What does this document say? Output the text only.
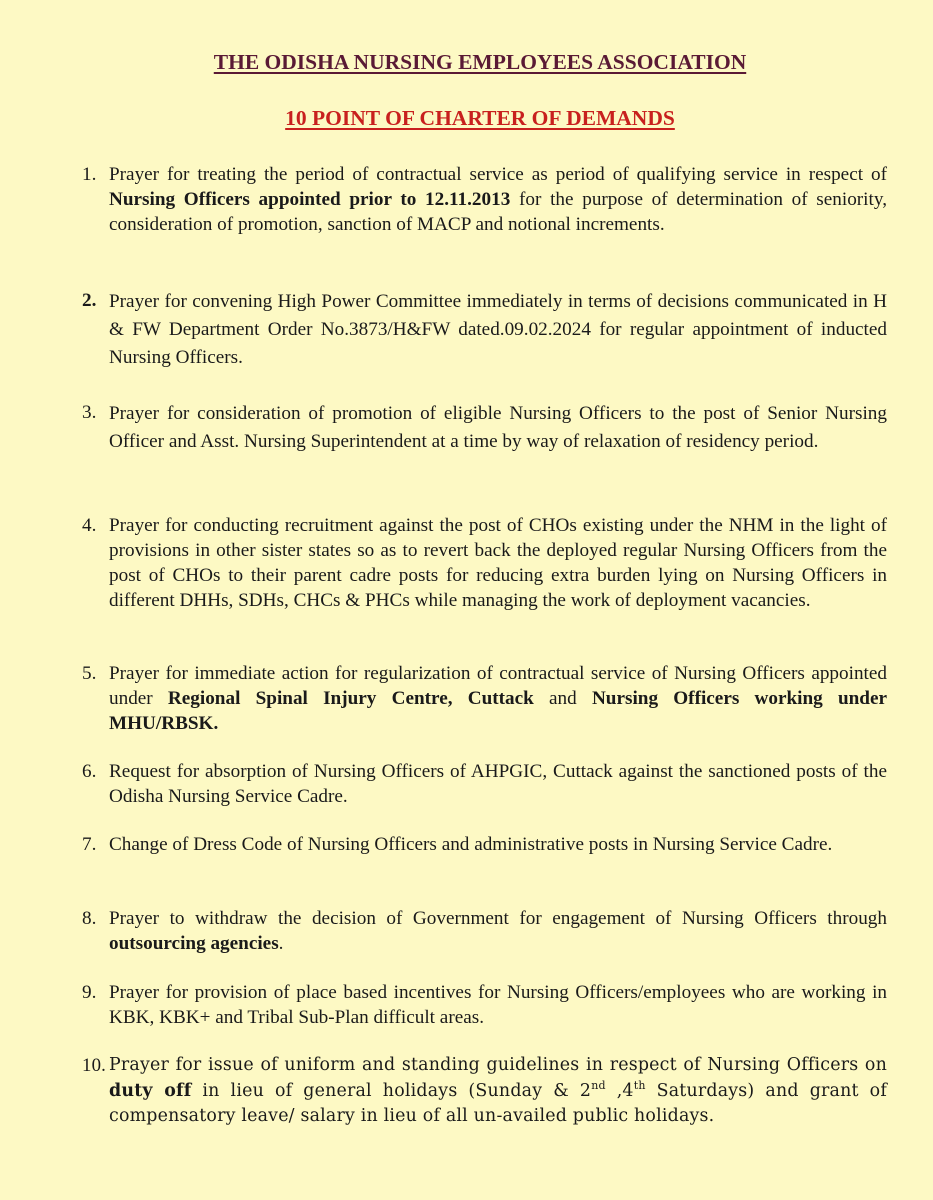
THE ODISHA NURSING EMPLOYEES ASSOCIATION
10 POINT OF CHARTER OF DEMANDS
1. Prayer for treating the period of contractual service as period of qualifying service in respect of Nursing Officers appointed prior to 12.11.2013 for the purpose of determination of seniority, consideration of promotion, sanction of MACP and notional increments.
2. Prayer for convening High Power Committee immediately in terms of decisions communicated in H & FW Department Order No.3873/H&FW dated.09.02.2024 for regular appointment of inducted Nursing Officers.
3. Prayer for consideration of promotion of eligible Nursing Officers to the post of Senior Nursing Officer and Asst. Nursing Superintendent at a time by way of relaxation of residency period.
4. Prayer for conducting recruitment against the post of CHOs existing under the NHM in the light of provisions in other sister states so as to revert back the deployed regular Nursing Officers from the post of CHOs to their parent cadre posts for reducing extra burden lying on Nursing Officers in different DHHs, SDHs, CHCs & PHCs while managing the work of deployment vacancies.
5. Prayer for immediate action for regularization of contractual service of Nursing Officers appointed under Regional Spinal Injury Centre, Cuttack and Nursing Officers working under MHU/RBSK.
6. Request for absorption of Nursing Officers of AHPGIC, Cuttack against the sanctioned posts of the Odisha Nursing Service Cadre.
7. Change of Dress Code of Nursing Officers and administrative posts in Nursing Service Cadre.
8. Prayer to withdraw the decision of Government for engagement of Nursing Officers through outsourcing agencies.
9. Prayer for provision of place based incentives for Nursing Officers/employees who are working in KBK, KBK+ and Tribal Sub-Plan difficult areas.
10. Prayer for issue of uniform and standing guidelines in respect of Nursing Officers on duty off in lieu of general holidays (Sunday & 2nd ,4th Saturdays) and grant of compensatory leave/ salary in lieu of all un-availed public holidays.
